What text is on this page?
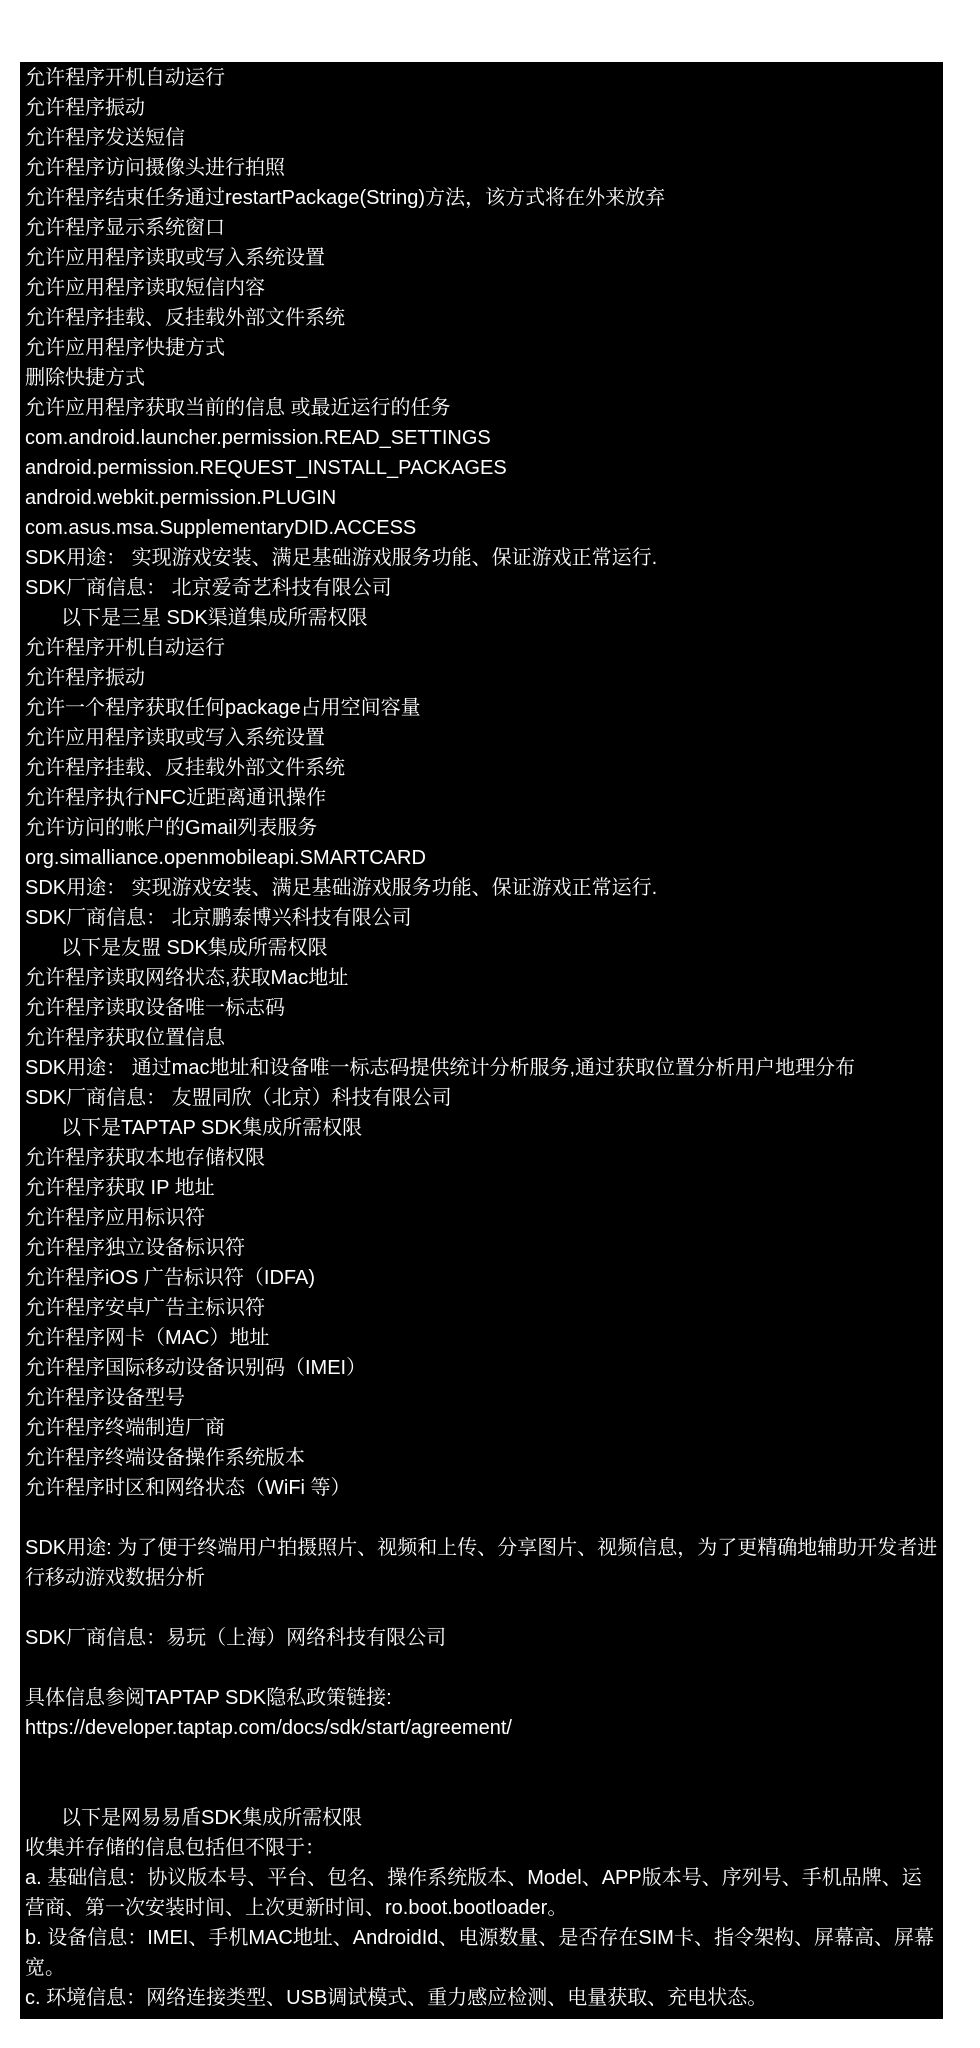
允许程序开机自动运行
允许程序振动
允许程序发送短信
允许程序访问摄像头进行拍照
允许程序结束任务通过restartPackage(String)方法，该方式将在外来放弃
允许程序显示系统窗口
允许应用程序读取或写入系统设置
允许应用程序读取短信内容
允许程序挂载、反挂载外部文件系统
允许应用程序快捷方式
删除快捷方式
允许应用程序获取当前的信息 或最近运行的任务
com.android.launcher.permission.READ_SETTINGS
android.permission.REQUEST_INSTALL_PACKAGES
android.webkit.permission.PLUGIN
com.asus.msa.SupplementaryDID.ACCESS
SDK用途： 实现游戏安装、满足基础游戏服务功能、保证游戏正常运行.
SDK厂商信息： 北京爱奇艺科技有限公司
以下是三星 SDK渠道集成所需权限
允许程序开机自动运行
允许程序振动
允许一个程序获取任何package占用空间容量
允许应用程序读取或写入系统设置
允许程序挂载、反挂载外部文件系统
允许程序执行NFC近距离通讯操作
允许访问的帐户的Gmail列表服务
org.simalliance.openmobileapi.SMARTCARD
SDK用途： 实现游戏安装、满足基础游戏服务功能、保证游戏正常运行.
SDK厂商信息： 北京鹏泰博兴科技有限公司
以下是友盟 SDK集成所需权限
允许程序读取网络状态,获取Mac地址
允许程序读取设备唯一标志码
允许程序获取位置信息
SDK用途： 通过mac地址和设备唯一标志码提供统计分析服务,通过获取位置分析用户地理分布
SDK厂商信息： 友盟同欣（北京）科技有限公司
以下是TAPTAP SDK集成所需权限
允许程序获取本地存储权限
允许程序获取 IP 地址
允许程序应用标识符
允许程序独立设备标识符
允许程序iOS 广告标识符（IDFA)
允许程序安卓广告主标识符
允许程序网卡（MAC）地址
允许程序国际移动设备识别码（IMEI）
允许程序设备型号
允许程序终端制造厂商
允许程序终端设备操作系统版本
允许程序时区和网络状态（WiFi 等）
SDK用途: 为了便于终端用户拍摄照片、视频和上传、分享图片、视频信息，为了更精确地辅助开发者进行移动游戏数据分析
SDK厂商信息：易玩（上海）网络科技有限公司
具体信息参阅TAPTAP SDK隐私政策链接:
https://developer.taptap.com/docs/sdk/start/agreement/
以下是网易易盾SDK集成所需权限
收集并存储的信息包括但不限于：
a. 基础信息：协议版本号、平台、包名、操作系统版本、Model、APP版本号、序列号、手机品牌、运营商、第一次安装时间、上次更新时间、ro.boot.bootloader。
b. 设备信息：IMEI、手机MAC地址、AndroidId、电源数量、是否存在SIM卡、指令架构、屏幕高、屏幕宽。
c. 环境信息：网络连接类型、USB调试模式、重力感应检测、电量获取、充电状态。
